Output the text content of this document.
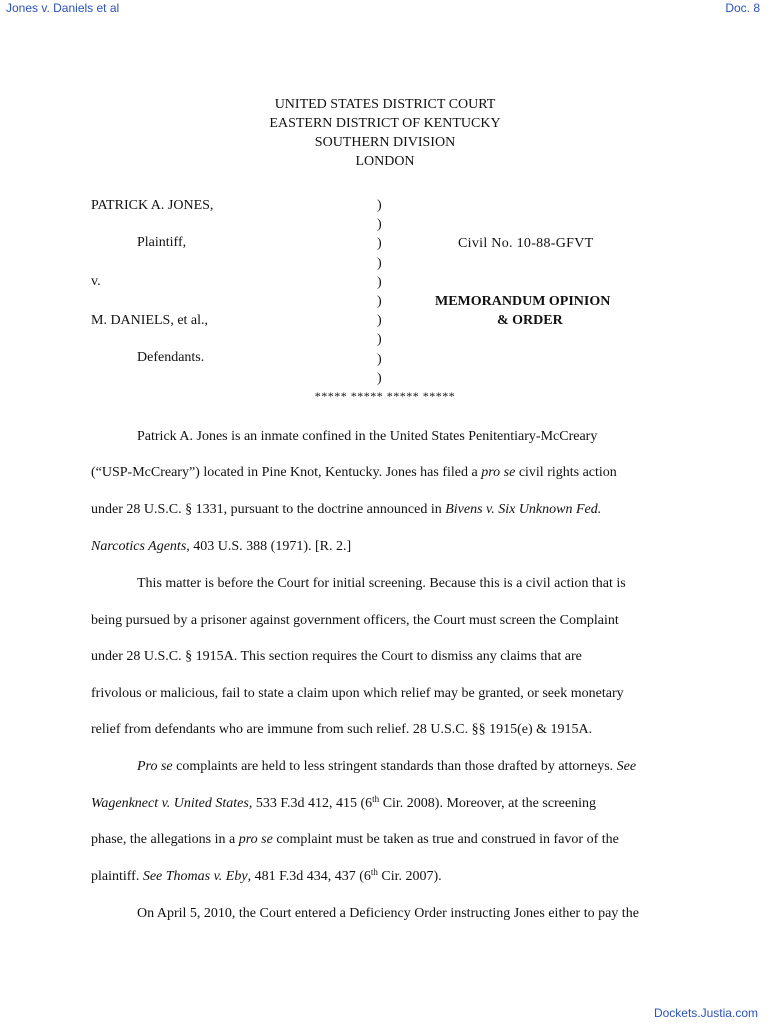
Jones v. Daniels et al	Doc. 8
UNITED STATES DISTRICT COURT
EASTERN DISTRICT OF KENTUCKY
SOUTHERN DIVISION
LONDON
PATRICK A. JONES,
Plaintiff,
v.
M. DANIELS, et al.,
Defendants.
)
)
)
)
)
)
)
)
)
)
Civil No. 10-88-GFVT
MEMORANDUM OPINION
& ORDER
***** ***** ***** *****
Patrick A. Jones is an inmate confined in the United States Penitentiary-McCreary
(“USP-McCreary”) located in Pine Knot, Kentucky. Jones has filed a pro se civil rights action
under 28 U.S.C. § 1331, pursuant to the doctrine announced in Bivens v. Six Unknown Fed.
Narcotics Agents, 403 U.S. 388 (1971). [R. 2.]
This matter is before the Court for initial screening. Because this is a civil action that is
being pursued by a prisoner against government officers, the Court must screen the Complaint
under 28 U.S.C. § 1915A. This section requires the Court to dismiss any claims that are
frivolous or malicious, fail to state a claim upon which relief may be granted, or seek monetary
relief from defendants who are immune from such relief. 28 U.S.C. §§ 1915(e) & 1915A.
Pro se complaints are held to less stringent standards than those drafted by attorneys. See
Wagenknect v. United States, 533 F.3d 412, 415 (6th Cir. 2008). Moreover, at the screening
phase, the allegations in a pro se complaint must be taken as true and construed in favor of the
plaintiff. See Thomas v. Eby, 481 F.3d 434, 437 (6th Cir. 2007).
On April 5, 2010, the Court entered a Deficiency Order instructing Jones either to pay the
Dockets.Justia.com
